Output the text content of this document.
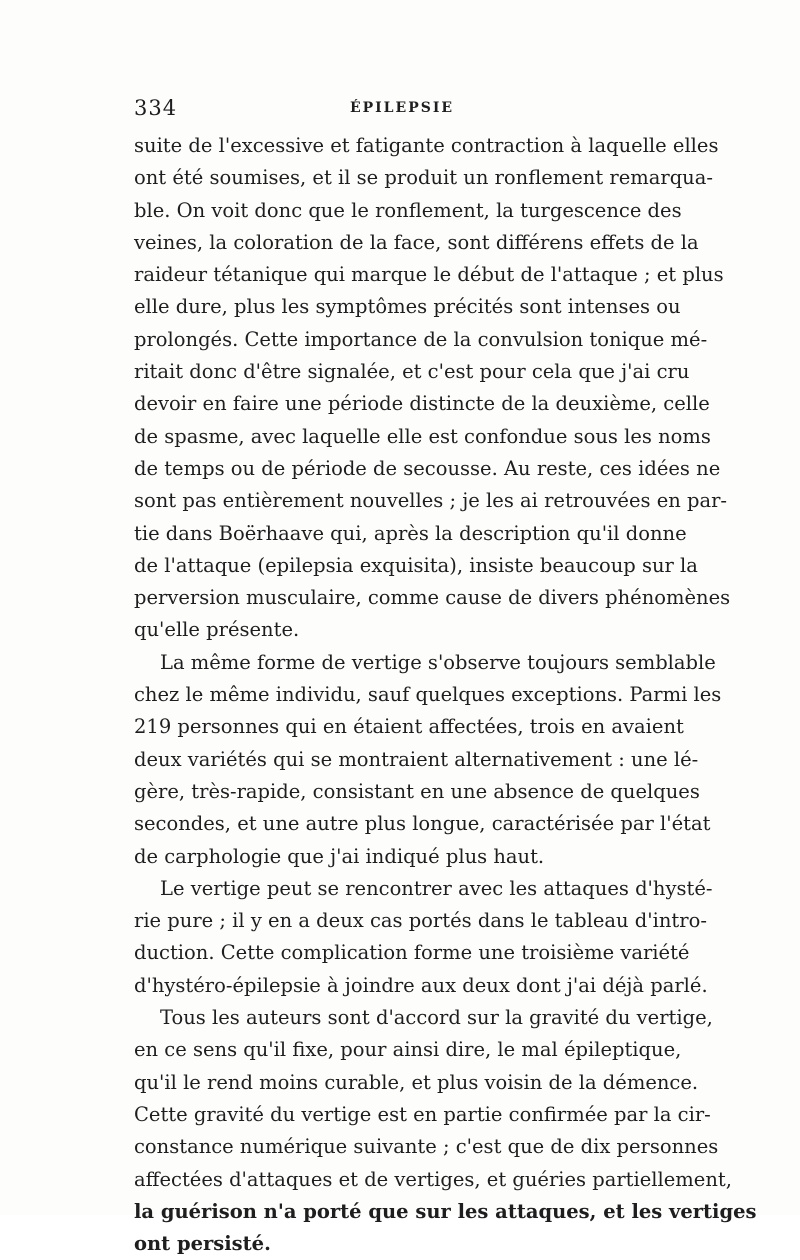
334	ÉPILEPSIE
suite de l'excessive et fatigante contraction à laquelle elles
ont été soumises, et il se produit un ronflement remarqua-
ble. On voit donc que le ronflement, la turgescence des
veines, la coloration de la face, sont différens effets de la
raideur tétanique qui marque le début de l'attaque ; et plus
elle dure, plus les symptômes précités sont intenses ou
prolongés. Cette importance de la convulsion tonique mé-
ritait donc d'être signalée, et c'est pour cela que j'ai cru
devoir en faire une période distincte de la deuxième, celle
de spasme, avec laquelle elle est confondue sous les noms
de temps ou de période de secousse. Au reste, ces idées ne
sont pas entièrement nouvelles ; je les ai retrouvées en par-
tie dans Boërhaave qui, après la description qu'il donne
de l'attaque (epilepsia exquisita), insiste beaucoup sur la
perversion musculaire, comme cause de divers phénomènes
qu'elle présente.
La même forme de vertige s'observe toujours semblable
chez le même individu, sauf quelques exceptions. Parmi les
219 personnes qui en étaient affectées, trois en avaient
deux variétés qui se montraient alternativement : une lé-
gère, très-rapide, consistant en une absence de quelques
secondes, et une autre plus longue, caractérisée par l'état
de carphologie que j'ai indiqué plus haut.
Le vertige peut se rencontrer avec les attaques d'hysté-
rie pure ; il y en a deux cas portés dans le tableau d'intro-
duction. Cette complication forme une troisième variété
d'hystéro-épilepsie à joindre aux deux dont j'ai déjà parlé.
Tous les auteurs sont d'accord sur la gravité du vertige,
en ce sens qu'il fixe, pour ainsi dire, le mal épileptique,
qu'il le rend moins curable, et plus voisin de la démence.
Cette gravité du vertige est en partie confirmée par la cir-
constance numérique suivante ; c'est que de dix personnes
affectées d'attaques et de vertiges, et guéries partiellement,
la guérison n'a porté que sur les attaques, et les vertiges
ont persisté.
